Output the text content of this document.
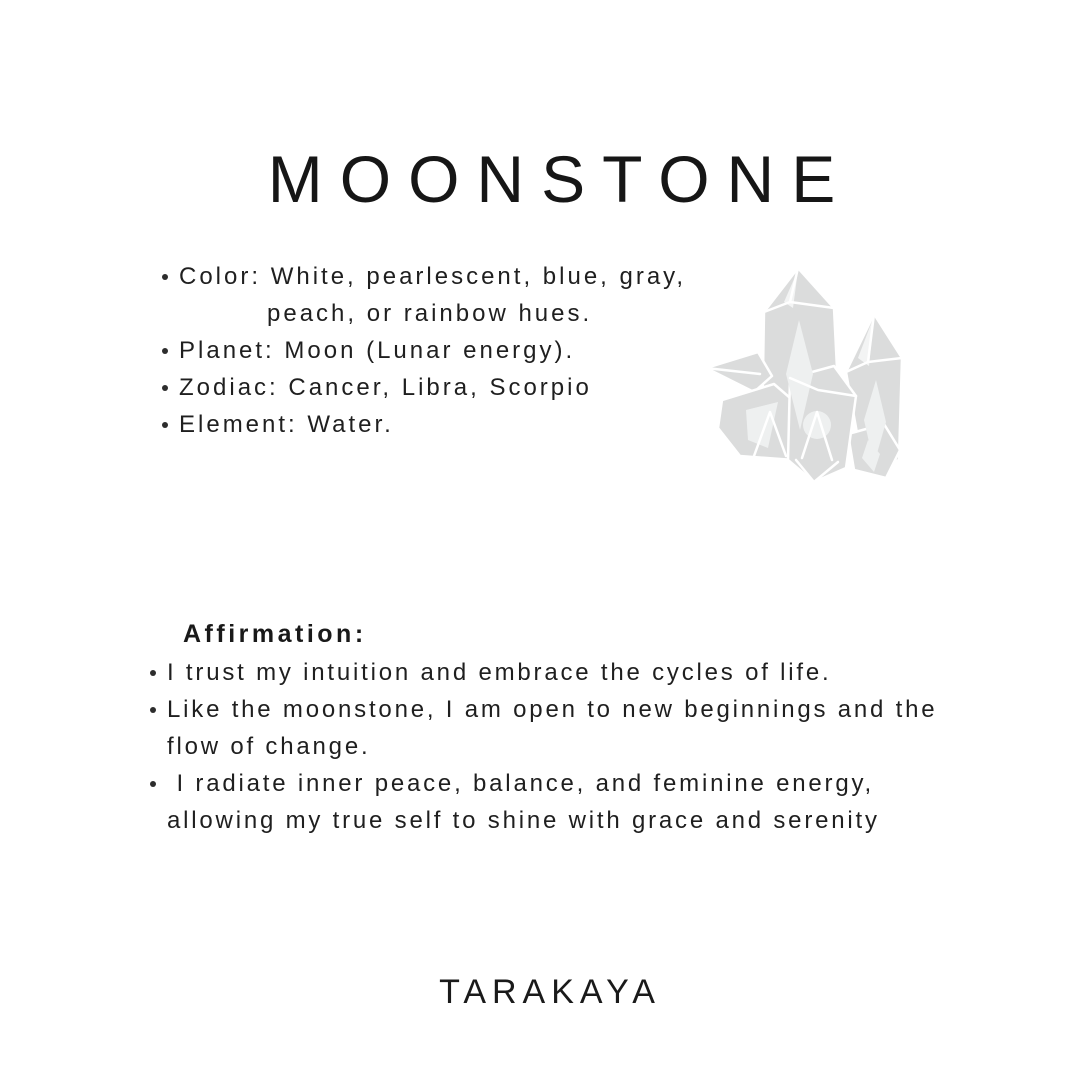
MOONSTONE
Color: White, pearlescent, blue, gray,
peach, or rainbow hues.
Planet: Moon (Lunar energy).
Zodiac: Cancer, Libra, Scorpio
Element: Water.
Affirmation:
I trust my intuition and embrace the cycles of life.
Like the moonstone, I am open to new beginnings and the
flow of change.
I radiate inner peace, balance, and feminine energy,
allowing my true self to shine with grace and serenity
TARAKAYA
